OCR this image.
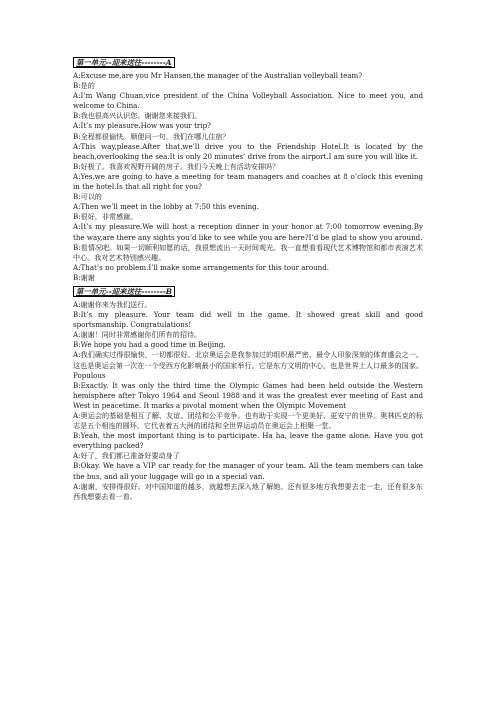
第一单元--迎来送往--------A

A:Excuse me,are you Mr Hansen,the manager of the Australian volleyball team?

B:是的

A:I’m Wang Chuan,vice president of the China Volleyball Association. Nice to meet you, and welcome to China.

B:我也很高兴认识您。谢谢您来接我们。

A:It’s my pleasure.How was your trip?

B:全程都很愉快。顺便问一句，我们在哪儿住宿？

A:This way,please.After that,we’ll drive you to the Friendship Hotel.It is located by the beach,overlooking the sea.It is only 20 minutes’ drive from the airport.I am sure you will like it.

B:好极了。我喜欢视野开阔的房子。我们今天晚上有活动安排吗？

A:Yes,we are going to have a meeting for team managers and coaches at 8 o’clock this evening in the hotel.Is that all right for you?

B:可以的

A:Then we’ll meet in the lobby at 7:50 this evening.

B:很好，非常感谢。

A:It’s my pleasure.We will host a reception dinner in your honor at 7:00 tomorrow evening.By the way,are there any sights you’d like to see while you are here?I’d be glad to show you around.

B:看情况吧。如果一切顺利如愿的话，我很想流出一天时间观光。我一直想看看现代艺术博物馆和都市表演艺术中心。我对艺术特别感兴趣。

A:That’s no problem.I’ll make some arrangements for this tour around.

B:谢谢

第一单元--迎来送往--------B

A:谢谢你来为我们送行。

B:It’s my pleasure. Your team did well in the game. It showed great skill and good sportsmanship. Congratulations!

A:谢谢！同时非常感谢你们所有的招待。

B:We hope you had a good time in Beijing.

A:我们确实过得很愉快，一切都很好。北京奥运会是我参加过的组织最严密、最令人印象深刻的体育盛会之一。这也是奥运会第一次在一个受西方化影响最小的国家举行。它是东方文明的中心，也是世界上人口最多的国家。Populous

B:Exactly. It was only the third time the Olympic Games had been held outside the Western hemisphere after Tokyo 1964 and Seoul 1988 and it was the greatest ever meeting of East and West in peacetime. It marks a pivotal moment when the Olympic Movement

A:奥运会的基础是相互了解、友谊、团结和公平竞争。也有助于实现一个更美好、更安宁的世界。奥林匹克的标志是五个相连的圆环，它代表着五大洲的团结和全世界运动员在奥运会上相聚一堂。

B:Yeah, the most important thing is to participate. Ha ha, leave the game alone. Have you got everything packed?

A:好了，我们都已准备好要动身了

B:Okay. We have a VIP car ready for the manager of your team. All the team members can take the bus, and all your luggage will go in a special van.

A:谢谢，安排得很好。对中国知道的越多，就越想去深入地了解她。还有很多地方我想要去走一走，还有很多东西我想要去看一看。
